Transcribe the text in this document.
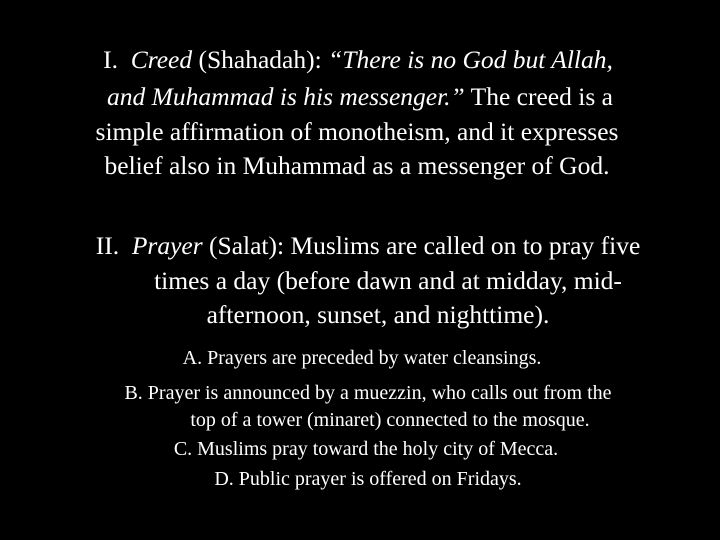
I. Creed (Shahadah): “There is no God but Allah,
and Muhammad is his messenger.” The creed is a
simple affirmation of monotheism, and it expresses
belief also in Muhammad as a messenger of God.
II. Prayer (Salat): Muslims are called on to pray five
times a day (before dawn and at midday, mid-
afternoon, sunset, and nighttime).
A. Prayers are preceded by water cleansings.
B. Prayer is announced by a muezzin, who calls out from the
top of a tower (minaret) connected to the mosque.
C. Muslims pray toward the holy city of Mecca.
D. Public prayer is offered on Fridays.
